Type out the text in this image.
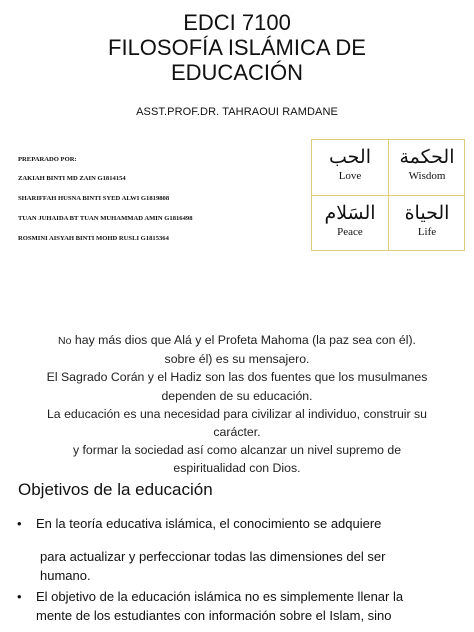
EDCI 7100
FILOSOFÍA ISLÁMICA DE
EDUCACIÓN
ASST.PROF.DR. TAHRAOUI RAMDANE
PREPARADO POR:
ZAKIAH BINTI MD ZAIN G1814154
SHARIFFAH HUSNA BINTI SYED ALWI G1819808
TUAN JUHAIDA BT TUAN MUHAMMAD AMIN G1816498
ROSMINI AISYAH BINTI MOHD RUSLI G1815364
الحب
Love
الحكمة
Wisdom
السَلام
Peace
الحياة
Life
No hay más dios que Alá y el Profeta Mahoma (la paz sea con él).
sobre él) es su mensajero.
El Sagrado Corán y el Hadiz son las dos fuentes que los musulmanes
dependen de su educación.
La educación es una necesidad para civilizar al individuo, construir su
carácter.
y formar la sociedad así como alcanzar un nivel supremo de
espiritualidad con Dios.
Objetivos de la educación
• En la teoría educativa islámica, el conocimiento se adquiere
para actualizar y perfeccionar todas las dimensiones del ser
humano.
• El objetivo de la educación islámica no es simplemente llenar la
mente de los estudiantes con información sobre el Islam, sino
